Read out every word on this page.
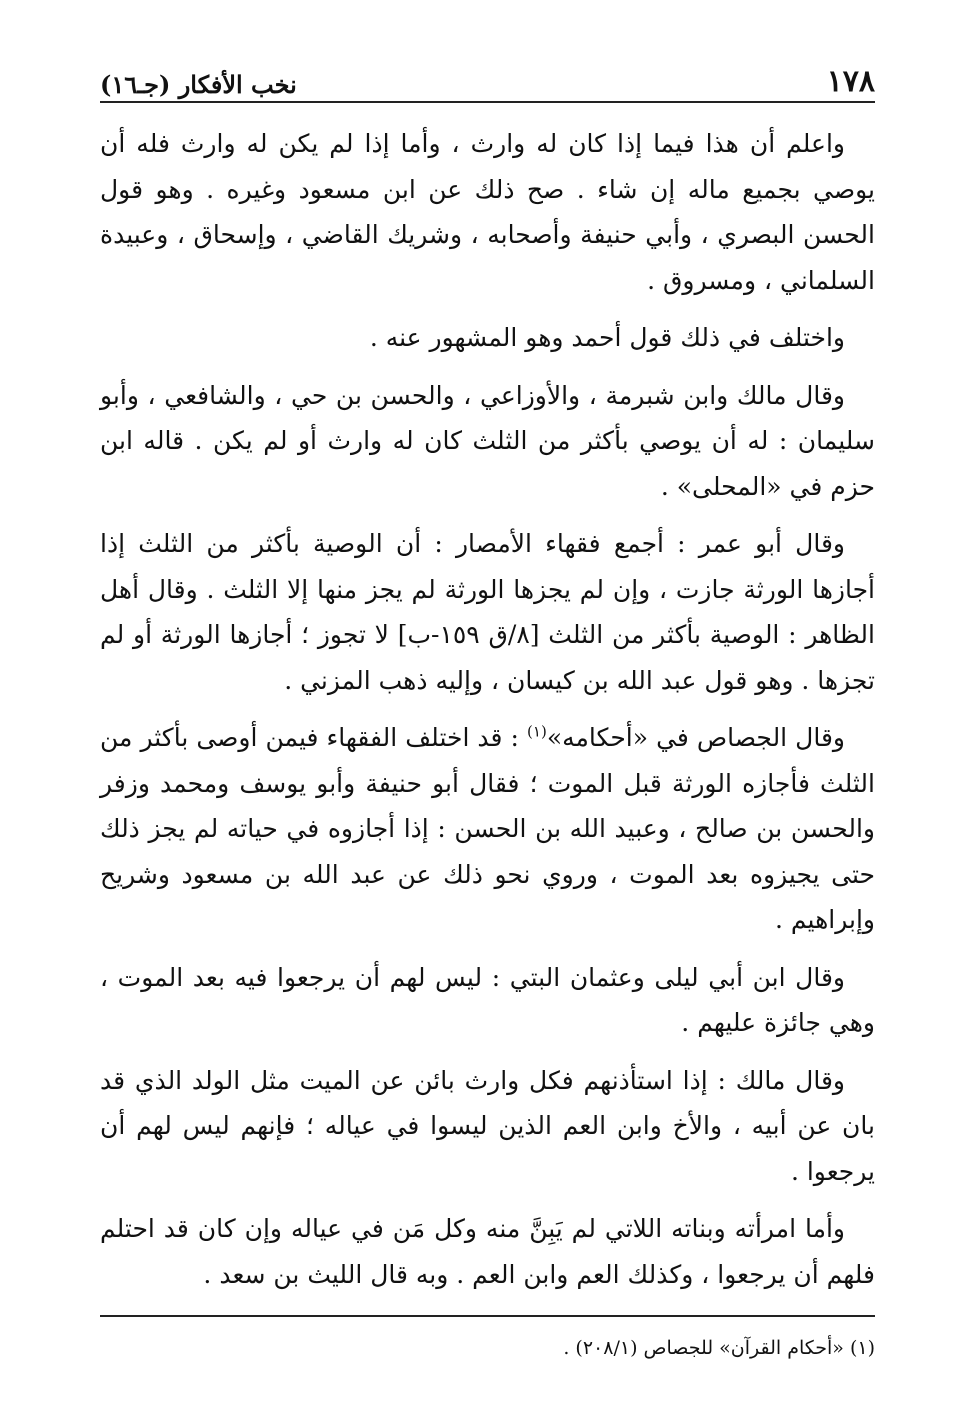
١٧٨
نخب الأفكار (جـ١٦)

واعلم أن هذا فيما إذا كان له وارث ، وأما إذا لم يكن له وارث فله أن يوصي بجميع ماله إن شاء . صح ذلك عن ابن مسعود وغيره . وهو قول الحسن البصري ، وأبي حنيفة وأصحابه ، وشريك القاضي ، وإسحاق ، وعبيدة السلماني ، ومسروق .

واختلف في ذلك قول أحمد وهو المشهور عنه .

وقال مالك وابن شبرمة ، والأوزاعي ، والحسن بن حي ، والشافعي ، وأبو سليمان : له أن يوصي بأكثر من الثلث كان له وارث أو لم يكن . قاله ابن حزم في «المحلى» .

وقال أبو عمر : أجمع فقهاء الأمصار : أن الوصية بأكثر من الثلث إذا أجازها الورثة جازت ، وإن لم يجزها الورثة لم يجز منها إلا الثلث . وقال أهل الظاهر : الوصية بأكثر من الثلث [٨/ق ١٥٩-ب] لا تجوز ؛ أجازها الورثة أو لم تجزها . وهو قول عبد الله بن كيسان ، وإليه ذهب المزني .

وقال الجصاص في «أحكامه»$^{(١)}$ : قد اختلف الفقهاء فيمن أوصى بأكثر من الثلث فأجازه الورثة قبل الموت ؛ فقال أبو حنيفة وأبو يوسف ومحمد وزفر والحسن بن صالح ، وعبيد الله بن الحسن : إذا أجازوه في حياته لم يجز ذلك حتى يجيزوه بعد الموت ، وروي نحو ذلك عن عبد الله بن مسعود وشريح وإبراهيم .

وقال ابن أبي ليلى وعثمان البتي : ليس لهم أن يرجعوا فيه بعد الموت ، وهي جائزة عليهم .

وقال مالك : إذا استأذنهم فكل وارث بائن عن الميت مثل الولد الذي قد بان عن أبيه ، والأخ وابن العم الذين ليسوا في عياله ؛ فإنهم ليس لهم أن يرجعوا .

وأما امرأته وبناته اللاتي لم يَبِنَّ منه وكل مَن في عياله وإن كان قد احتلم فلهم أن يرجعوا ، وكذلك العم وابن العم . وبه قال الليث بن سعد .

(١) «أحكام القرآن» للجصاص (٢٠٨/١) .
